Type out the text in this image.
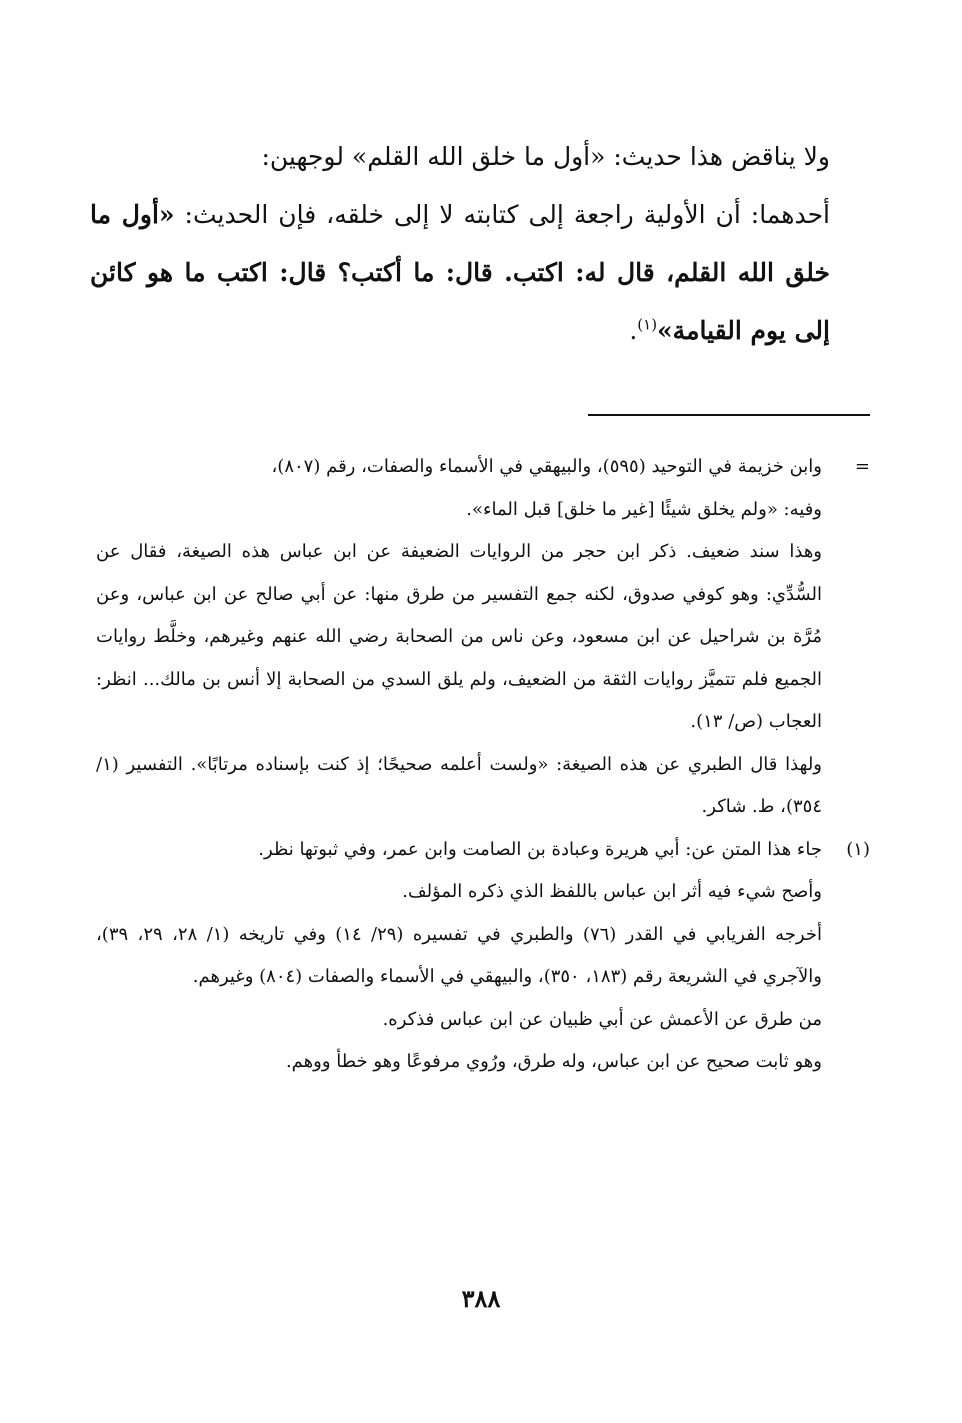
ولا يناقض هذا حديث: «أول ما خلق الله القلم» لوجهين:

أحدهما: أن الأولية راجعة إلى كتابته لا إلى خلقه، فإن الحديث: «أول ما خلق الله القلم، قال له: اكتب. قال: ما أكتب؟ قال: اكتب ما هو كائن إلى يوم القيامة»$^{(١)}$.

=

وابن خزيمة في التوحيد (٥٩٥)، والبيهقي في الأسماء والصفات، رقم (٨٠٧)،

وفيه: «ولم يخلق شيئًا [غير ما خلق] قبل الماء».

وهذا سند ضعيف. ذكر ابن حجر من الروايات الضعيفة عن ابن عباس هذه الصيغة، فقال عن السُّدِّي: وهو كوفي صدوق، لكنه جمع التفسير من طرق منها: عن أبي صالح عن ابن عباس، وعن مُرَّة بن شراحيل عن ابن مسعود، وعن ناس من الصحابة رضي الله عنهم وغيرهم، وخلَّط روايات الجميع فلم تتميَّز روايات الثقة من الضعيف، ولم يلق السدي من الصحابة إلا أنس بن مالك... انظر: العجاب (ص/ ١٣).

ولهذا قال الطبري عن هذه الصيغة: «ولست أعلمه صحيحًا؛ إذ كنت بإسناده مرتابًا». التفسير (١/ ٣٥٤)، ط. شاكر.

(١)

جاء هذا المتن عن: أبي هريرة وعبادة بن الصامت وابن عمر، وفي ثبوتها نظر.

وأصح شيء فيه أثر ابن عباس باللفظ الذي ذكره المؤلف.

أخرجه الفريابي في القدر (٧٦) والطبري في تفسيره (٢٩/ ١٤) وفي تاريخه (١/ ٢٨، ٢٩، ٣٩)، والآجري في الشريعة رقم (١٨٣، ٣٥٠)، والبيهقي في الأسماء والصفات (٨٠٤) وغيرهم.

من طرق عن الأعمش عن أبي ظبيان عن ابن عباس فذكره.

وهو ثابت صحيح عن ابن عباس، وله طرق، ورُوي مرفوعًا وهو خطأ ووهم.

٣٨٨
